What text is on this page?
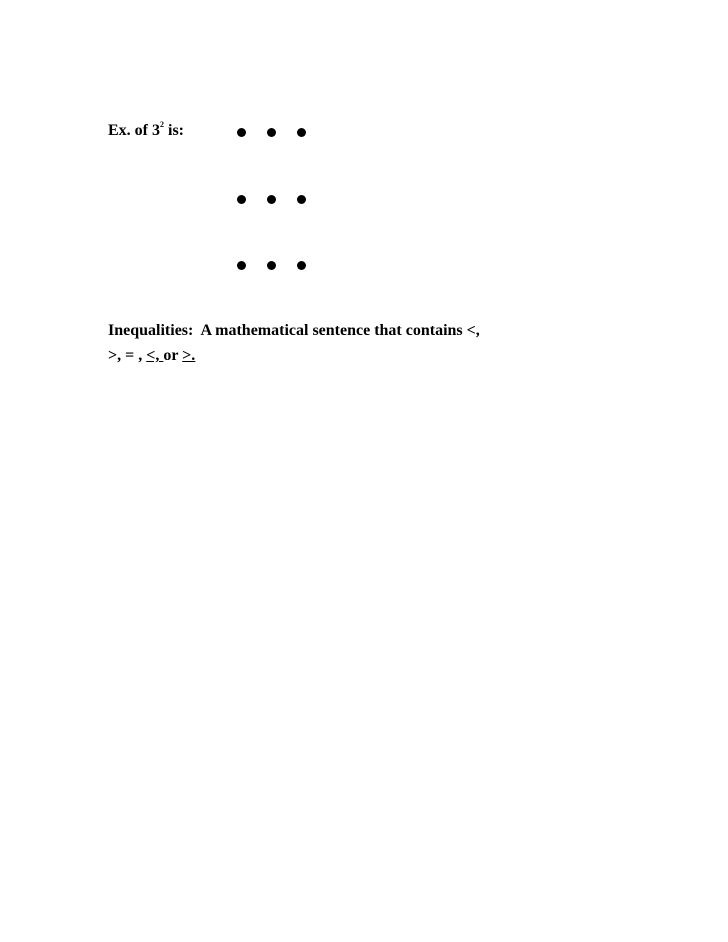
Ex. of $3^2$ is:
Inequalities:  A mathematical sentence that contains <,
>, = , <, or >.
